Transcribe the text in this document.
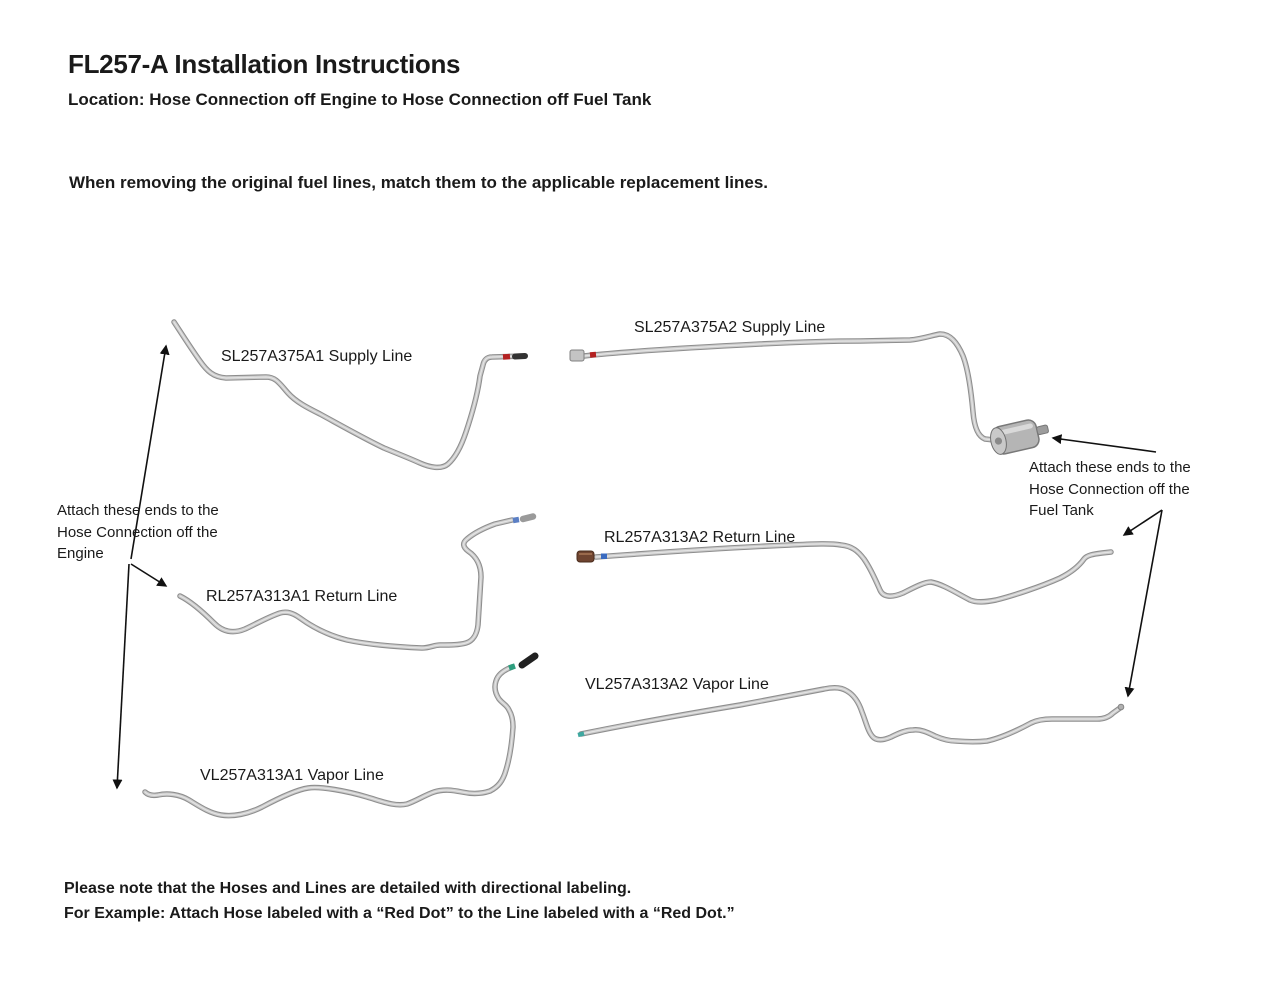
FL257-A Installation Instructions
Location: Hose Connection off Engine to Hose Connection off Fuel Tank
When removing the original fuel lines, match them to the applicable replacement lines.
SL257A375A1 Supply Line
SL257A375A2 Supply Line
RL257A313A1 Return Line
RL257A313A2 Return Line
VL257A313A1 Vapor Line
VL257A313A2 Vapor Line
Attach these ends to the
Hose Connection off the
Engine
Attach these ends to the
Hose Connection off the
Fuel Tank
Please note that the Hoses and Lines are detailed with directional labeling.
For Example: Attach Hose labeled with a “Red Dot” to the Line labeled with a “Red Dot.”
